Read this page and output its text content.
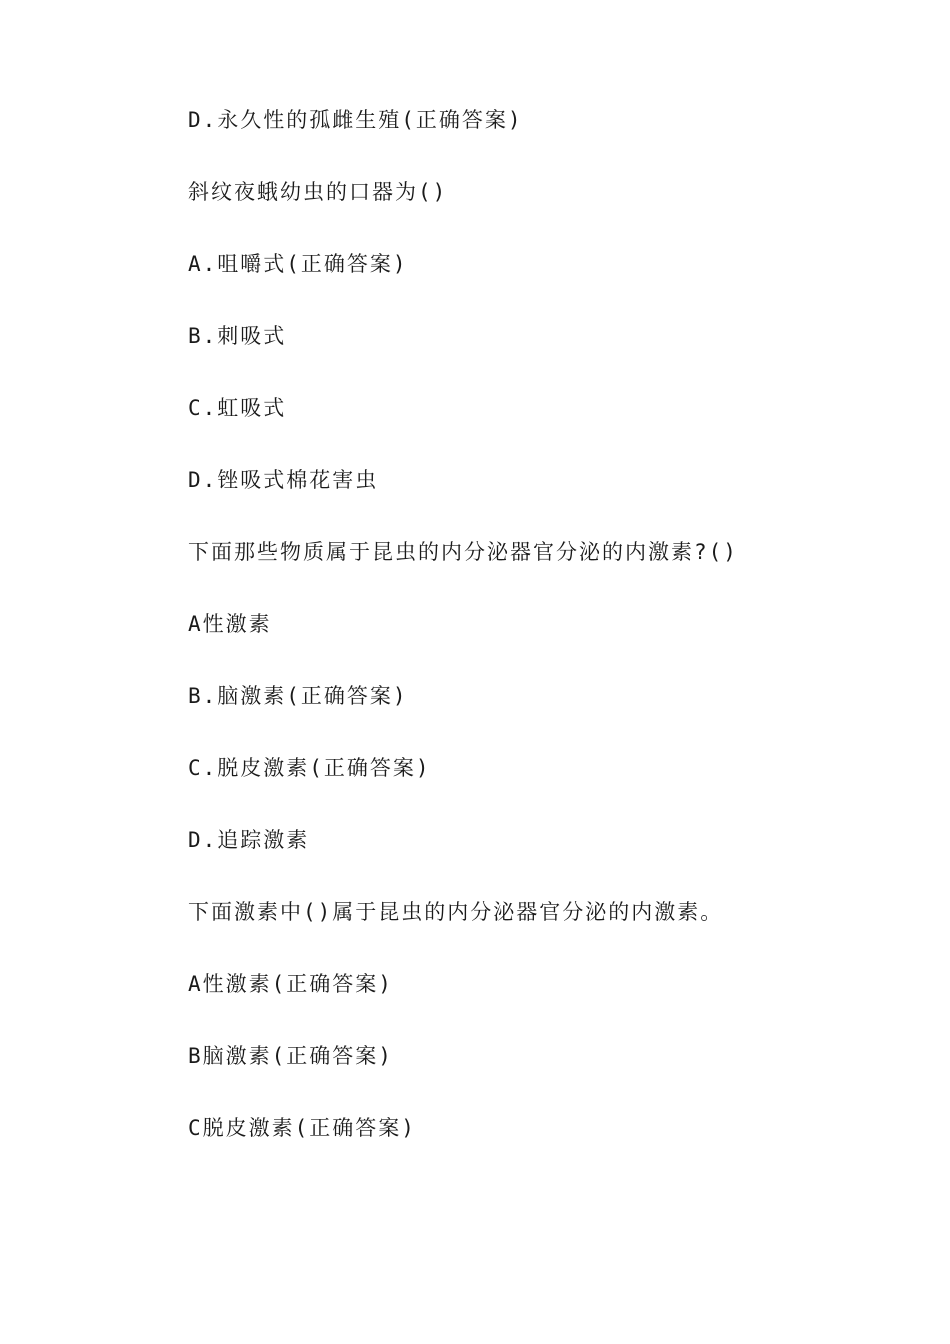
D.永久性的孤雌生殖(正确答案)

斜纹夜蛾幼虫的口器为()

A.咀嚼式(正确答案)

B.刺吸式

C.虹吸式

D.锉吸式棉花害虫

下面那些物质属于昆虫的内分泌器官分泌的内激素?()

A性激素

B.脑激素(正确答案)

C.脱皮激素(正确答案)

D.追踪激素

下面激素中()属于昆虫的内分泌器官分泌的内激素。

A性激素(正确答案)

B脑激素(正确答案)

C脱皮激素(正确答案)
